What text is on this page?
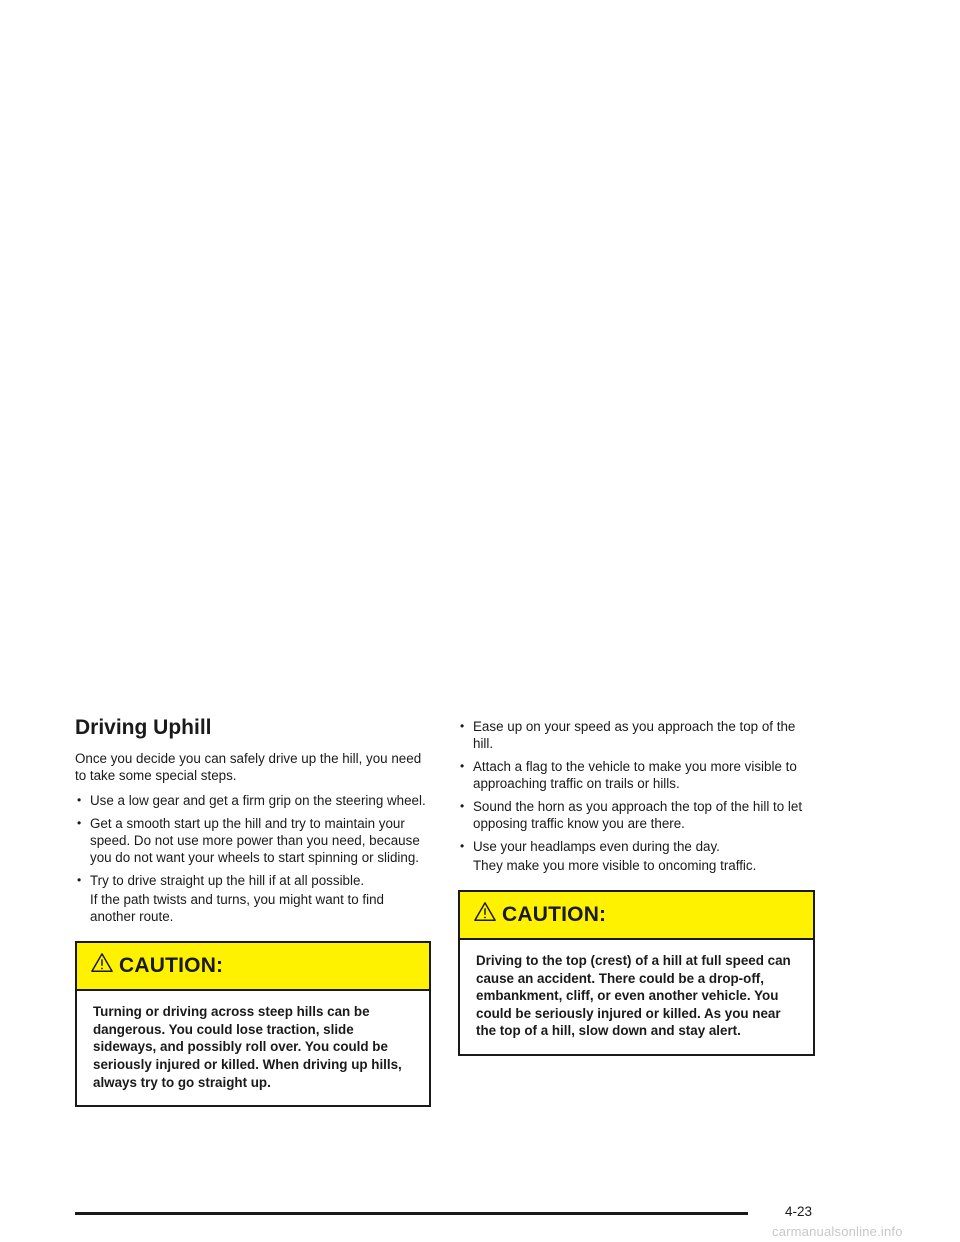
Driving Uphill

Once you decide you can safely drive up the hill, you need to take some special steps.

• Use a low gear and get a firm grip on the steering wheel.
• Get a smooth start up the hill and try to maintain your speed. Do not use more power than you need, because you do not want your wheels to start spinning or sliding.
• Try to drive straight up the hill if at all possible.
If the path twists and turns, you might want to find another route.
CAUTION:
Turning or driving across steep hills can be dangerous. You could lose traction, slide sideways, and possibly roll over. You could be seriously injured or killed. When driving up hills, always try to go straight up.
• Ease up on your speed as you approach the top of the hill.
• Attach a flag to the vehicle to make you more visible to approaching traffic on trails or hills.
• Sound the horn as you approach the top of the hill to let opposing traffic know you are there.
• Use your headlamps even during the day.
They make you more visible to oncoming traffic.
CAUTION:
Driving to the top (crest) of a hill at full speed can cause an accident. There could be a drop-off, embankment, cliff, or even another vehicle. You could be seriously injured or killed. As you near the top of a hill, slow down and stay alert.
4-23
carmanualsonline.info
